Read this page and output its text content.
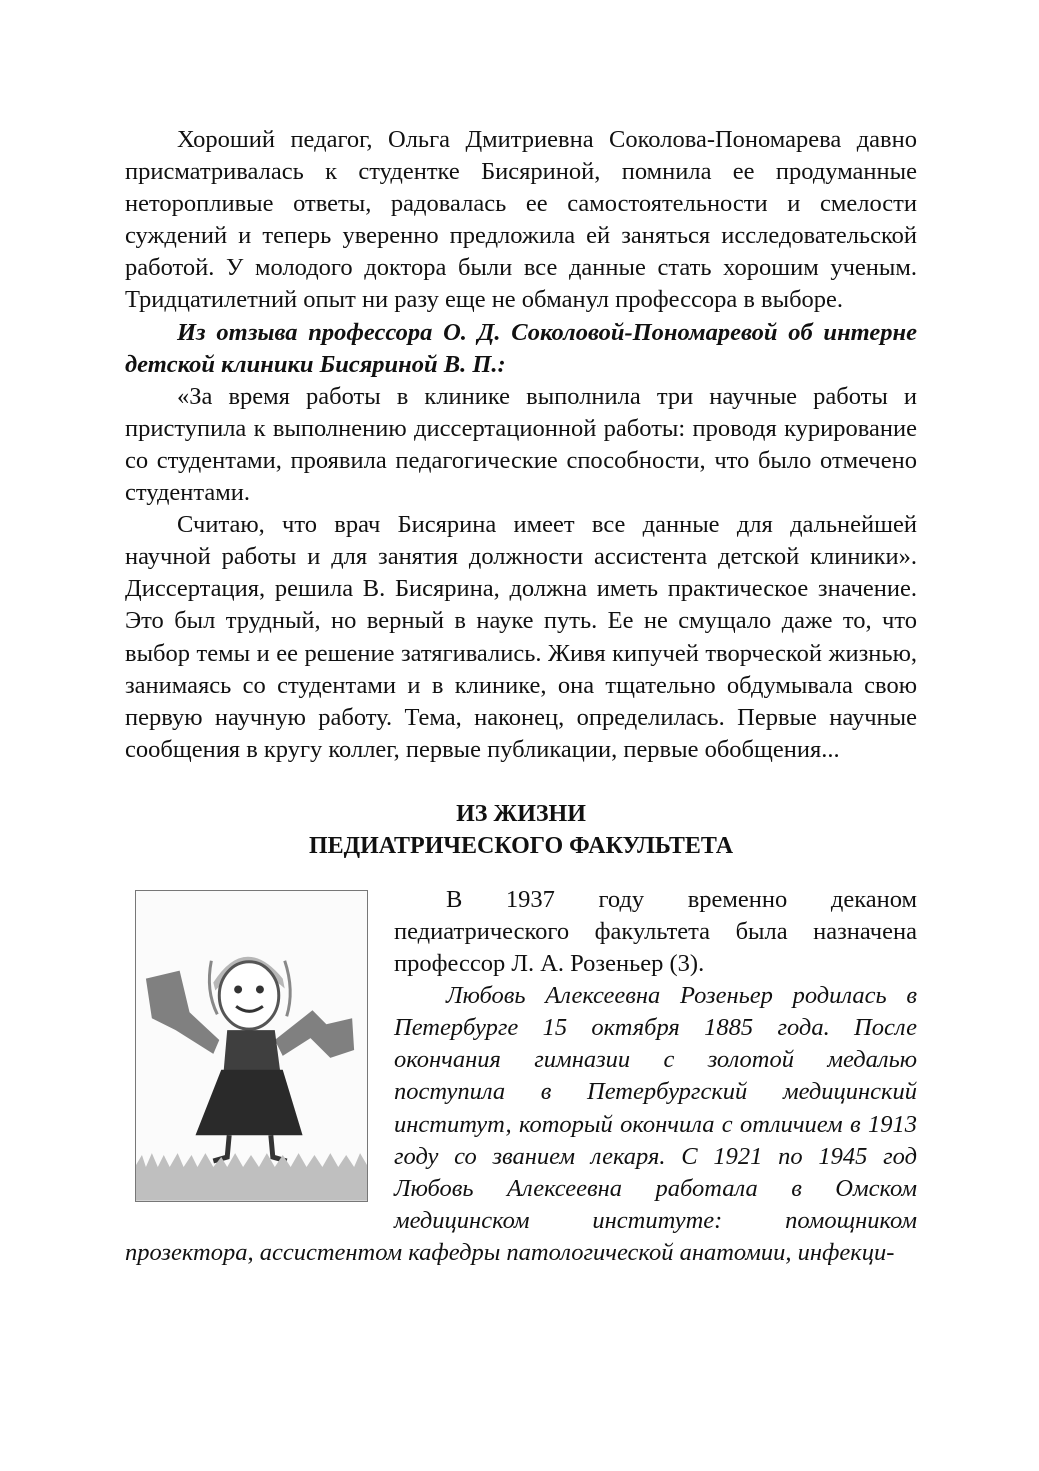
Хороший педагог, Ольга Дмитриевна Соколова-Пономарева давно присматривалась к студентке Бисяриной, помнила ее продуманные неторопливые ответы, радовалась ее самостоятельности и смелости суждений и теперь уверенно предложила ей заняться исследовательской работой. У молодого доктора были все данные стать хорошим ученым. Тридцатилетний опыт ни разу еще не обманул профессора в выборе.

Из отзыва профессора О. Д. Соколовой-Пономаревой об интерне детской клиники Бисяриной В. П.:

«За время работы в клинике выполнила три научные работы и приступила к выполнению диссертационной работы: проводя курирование со студентами, проявила педагогические способности, что было отмечено студентами.

Считаю, что врач Бисярина имеет все данные для дальнейшей научной работы и для занятия должности ассистента детской клиники». Диссертация, решила В. Бисярина, должна иметь практическое значение. Это был трудный, но верный в науке путь. Ее не смущало даже то, что выбор темы и ее решение затягивались. Живя кипучей творческой жизнью, занимаясь со студентами и в клинике, она тщательно обдумывала свою первую научную работу. Тема, наконец, определилась. Первые научные сообщения в кругу коллег, первые публикации, первые обобщения...

ИЗ ЖИЗНИ
ПЕДИАТРИЧЕСКОГО ФАКУЛЬТЕТА

В 1937 году временно деканом педиатрического факультета была назначена профессор Л. А. Розеньер (3).

Любовь Алексеевна Розеньер родилась в Петербурге 15 октября 1885 года. После окончания гимназии с золотой медалью поступила в Петербургский медицинский институт, который окончила с отличием в 1913 году со званием лекаря. С 1921 по 1945 год Любовь Алексеевна работала в Омском медицинском институте: помощником прозектора, ассистентом кафедры патологической анатомии, инфекци-
